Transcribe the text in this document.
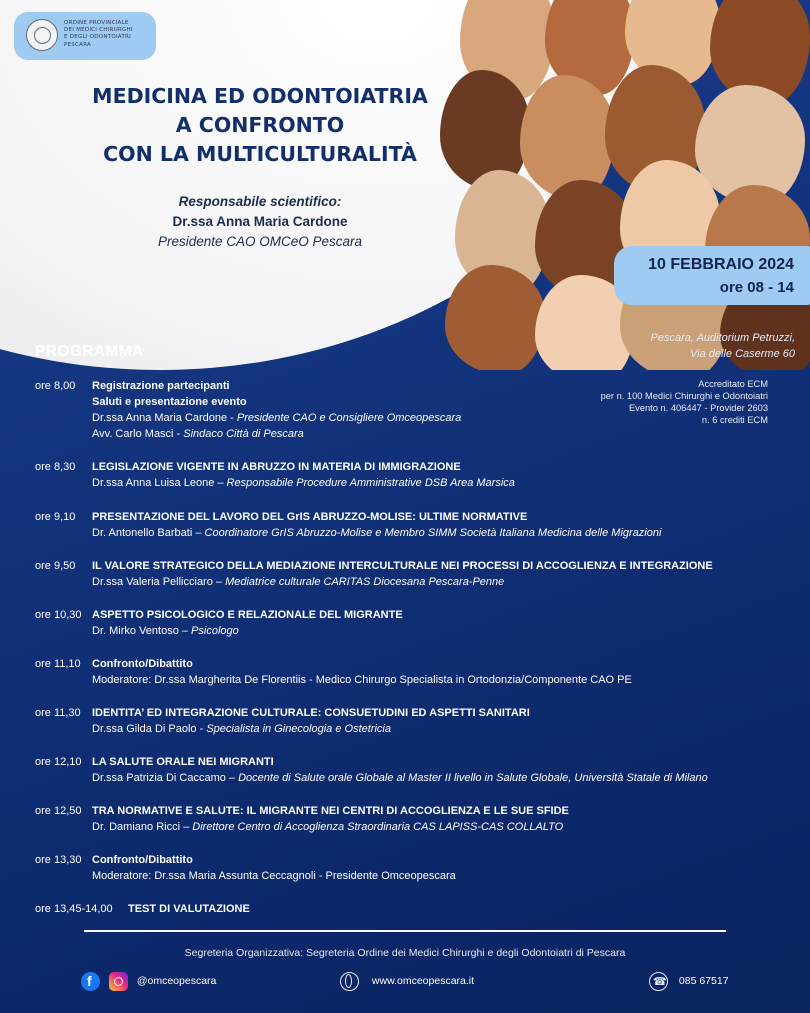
ORDINE PROVINCIALE
DEI MEDICI CHIRURGHI
E DEGLI ODONTOIATRI
PESCARA
MEDICINA ED ODONTOIATRIA
A CONFRONTO
CON LA MULTICULTURALITÀ
Responsabile scientifico:
Dr.ssa Anna Maria Cardone
Presidente CAO OMCeO Pescara
10 FEBBRAIO 2024
ore 08 - 14
Pescara, Auditorium Petruzzi,
Via delle Caserme 60
Accreditato ECM
per n. 100 Medici Chirurghi e Odontoiatri
Evento n. 406447 - Provider 2603
n. 6 crediti ECM
PROGRAMMA
ore 8,00	Registrazione partecipanti
Saluti e presentazione evento
Dr.ssa Anna Maria Cardone - Presidente CAO e Consigliere Omceopescara
Avv. Carlo Masci - Sindaco Città di Pescara
ore 8,30	LEGISLAZIONE VIGENTE IN ABRUZZO IN MATERIA DI IMMIGRAZIONE
Dr.ssa Anna Luisa Leone – Responsabile Procedure Amministrative DSB Area Marsica
ore 9,10	PRESENTAZIONE DEL LAVORO DEL GrIS ABRUZZO-MOLISE: ULTIME NORMATIVE
Dr. Antonello Barbati – Coordinatore GrIS Abruzzo-Molise e Membro SIMM Società Italiana Medicina delle Migrazioni
ore 9,50	IL VALORE STRATEGICO DELLA MEDIAZIONE INTERCULTURALE NEI PROCESSI DI ACCOGLIENZA E INTEGRAZIONE
Dr.ssa Valeria Pellicciaro – Mediatrice culturale CARITAS Diocesana Pescara-Penne
ore 10,30 ASPETTO PSICOLOGICO E RELAZIONALE DEL MIGRANTE
Dr. Mirko Ventoso – Psicologo
ore 11,10	Confronto/Dibattito
Moderatore: Dr.ssa Margherita De Florentiis - Medico Chirurgo Specialista in Ortodonzia/Componente CAO PE
ore 11,30	IDENTITA’ ED INTEGRAZIONE CULTURALE: CONSUETUDINI ED ASPETTI SANITARI
Dr.ssa Gilda Di Paolo - Specialista in Ginecologia e Ostetricia
ore 12,10 LA SALUTE ORALE NEI MIGRANTI
Dr.ssa Patrizia Di Caccamo – Docente di Salute orale Globale al Master II livello in Salute Globale, Università Statale di Milano
ore 12,50 TRA NORMATIVE E SALUTE: IL MIGRANTE NEI CENTRI DI ACCOGLIENZA E LE SUE SFIDE
Dr. Damiano Ricci – Direttore Centro di Accoglienza Straordinaria CAS LAPISS-CAS COLLALTO
ore 13,30 Confronto/Dibattito
Moderatore: Dr.ssa Maria Assunta Ceccagnoli - Presidente Omceopescara
ore 13,45-14,00 TEST DI VALUTAZIONE
Segreteria Organizzativa: Segreteria Ordine dei Medici Chirurghi e degli Odontoiatri di Pescara
f  @omceopescara	www.omceopescara.it
☎	085 67517
